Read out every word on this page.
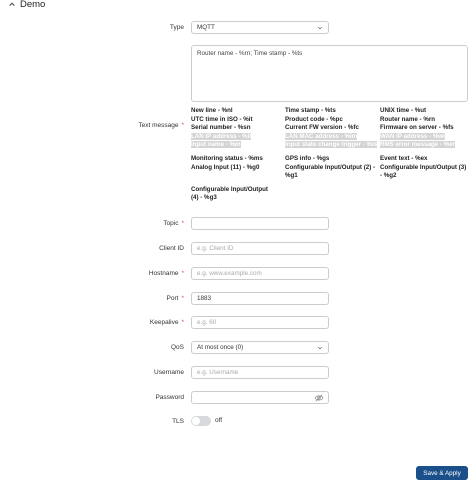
Demo
Type MQTT
Text message *
Router name - %rn; Time stamp - %ts
New line - %nl	Time stamp - %ts	UNIX time - %ut
UTC time in ISO - %it	Product code - %pc	Router name - %rn
Serial number - %sn	Current FW version - %fc	Firmware on server - %fs
LAN IP address - %il	LAN MAC address - %lm	WAN IP address - %wi
Input name - %in	Input state change trigger - %is RMS error message - %er
Monitoring status - %ms	GPS info - %gs	Event text - %ex
Analog Input (11) - %g0	Configurable Input/Output (2) - %g1
Configurable Input/Output (3) - %g2
Configurable Input/Output (4) - %g3
Topic *
Client ID e.g. Client ID
Hostname * e.g. www.example.com
Port * 1883
Keepalive * e.g. 60
QoS At most once (0)
Username e.g. Username
Password
TLS	off
Save & Apply
